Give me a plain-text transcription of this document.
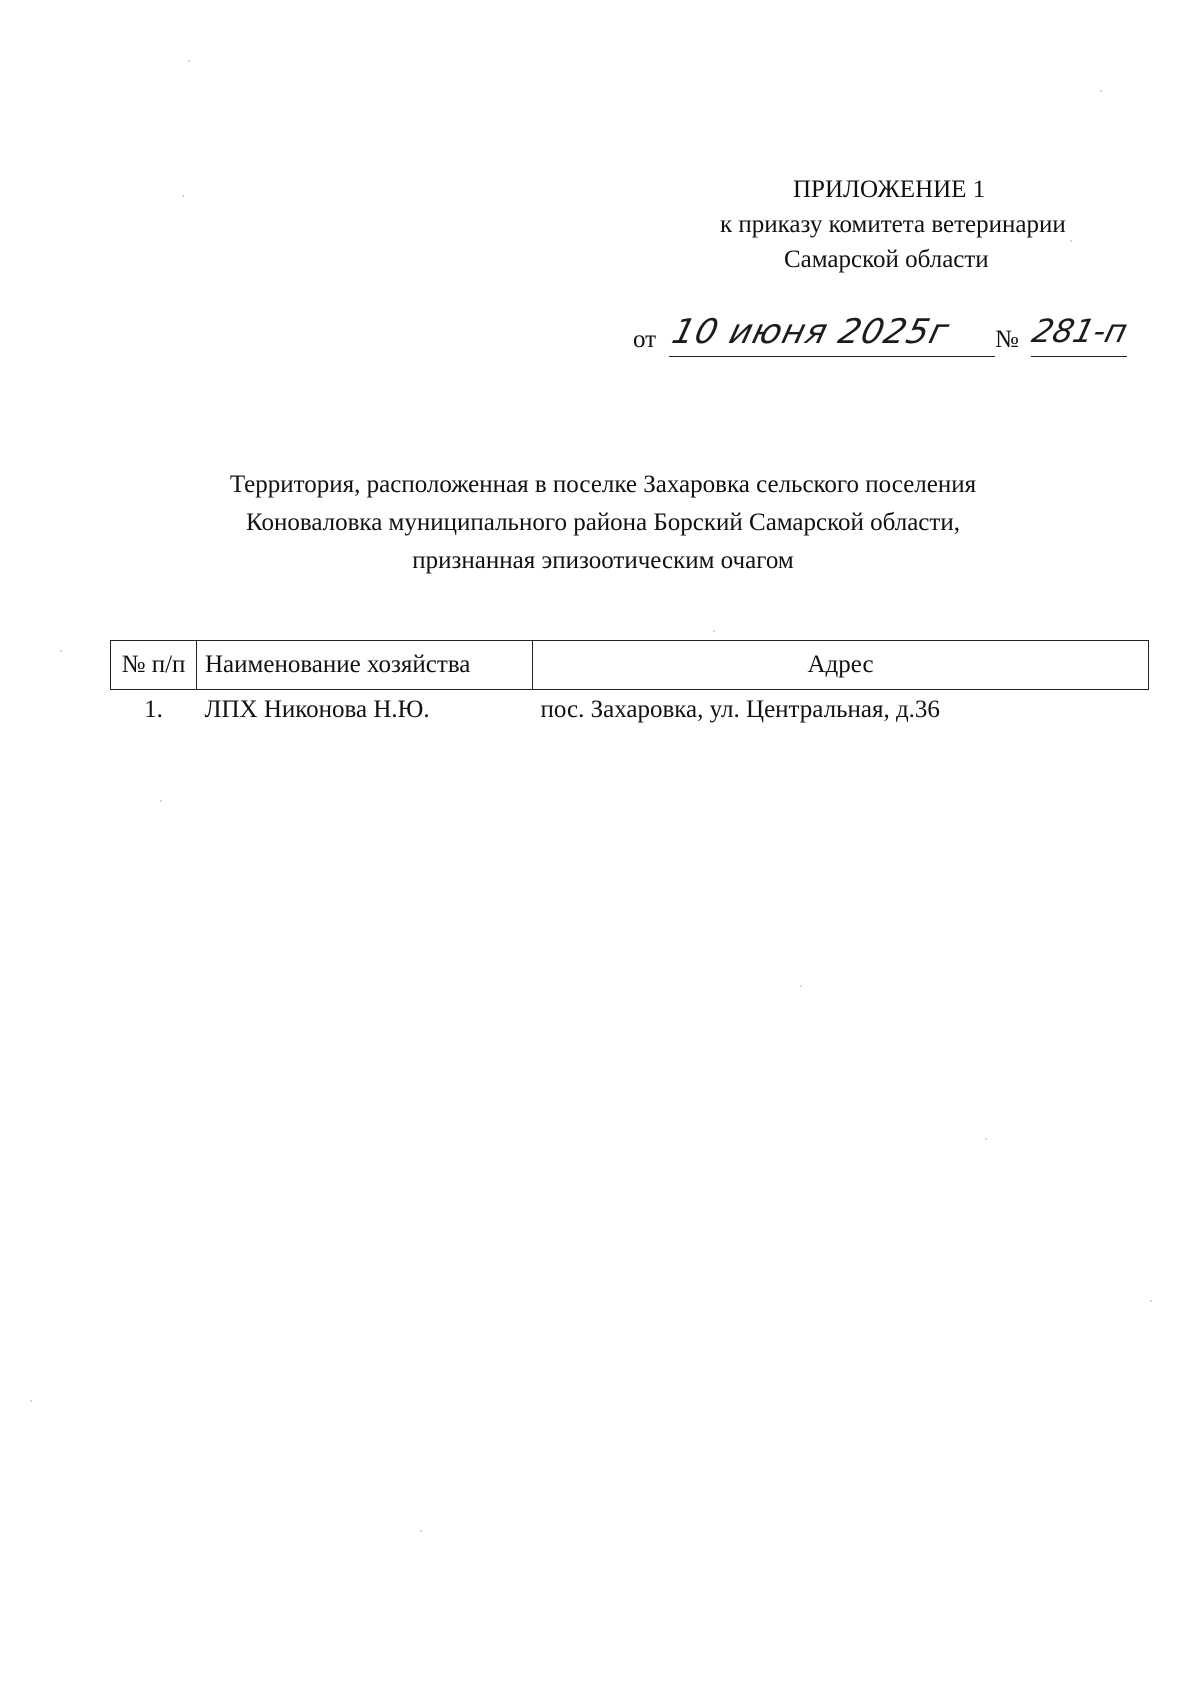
ПРИЛОЖЕНИЕ 1
к приказу комитета ветеринарии
Самарской области
от 10 июня 2025г № 281-п
Территория, расположенная в поселке Захаровка сельского поселения
Коноваловка муниципального района Борский Самарской области,
признанная эпизоотическим очагом
№ п/п	Наименование хозяйства	Адрес
1.	ЛПХ Никонова Н.Ю.	пос. Захаровка, ул. Центральная, д.36
